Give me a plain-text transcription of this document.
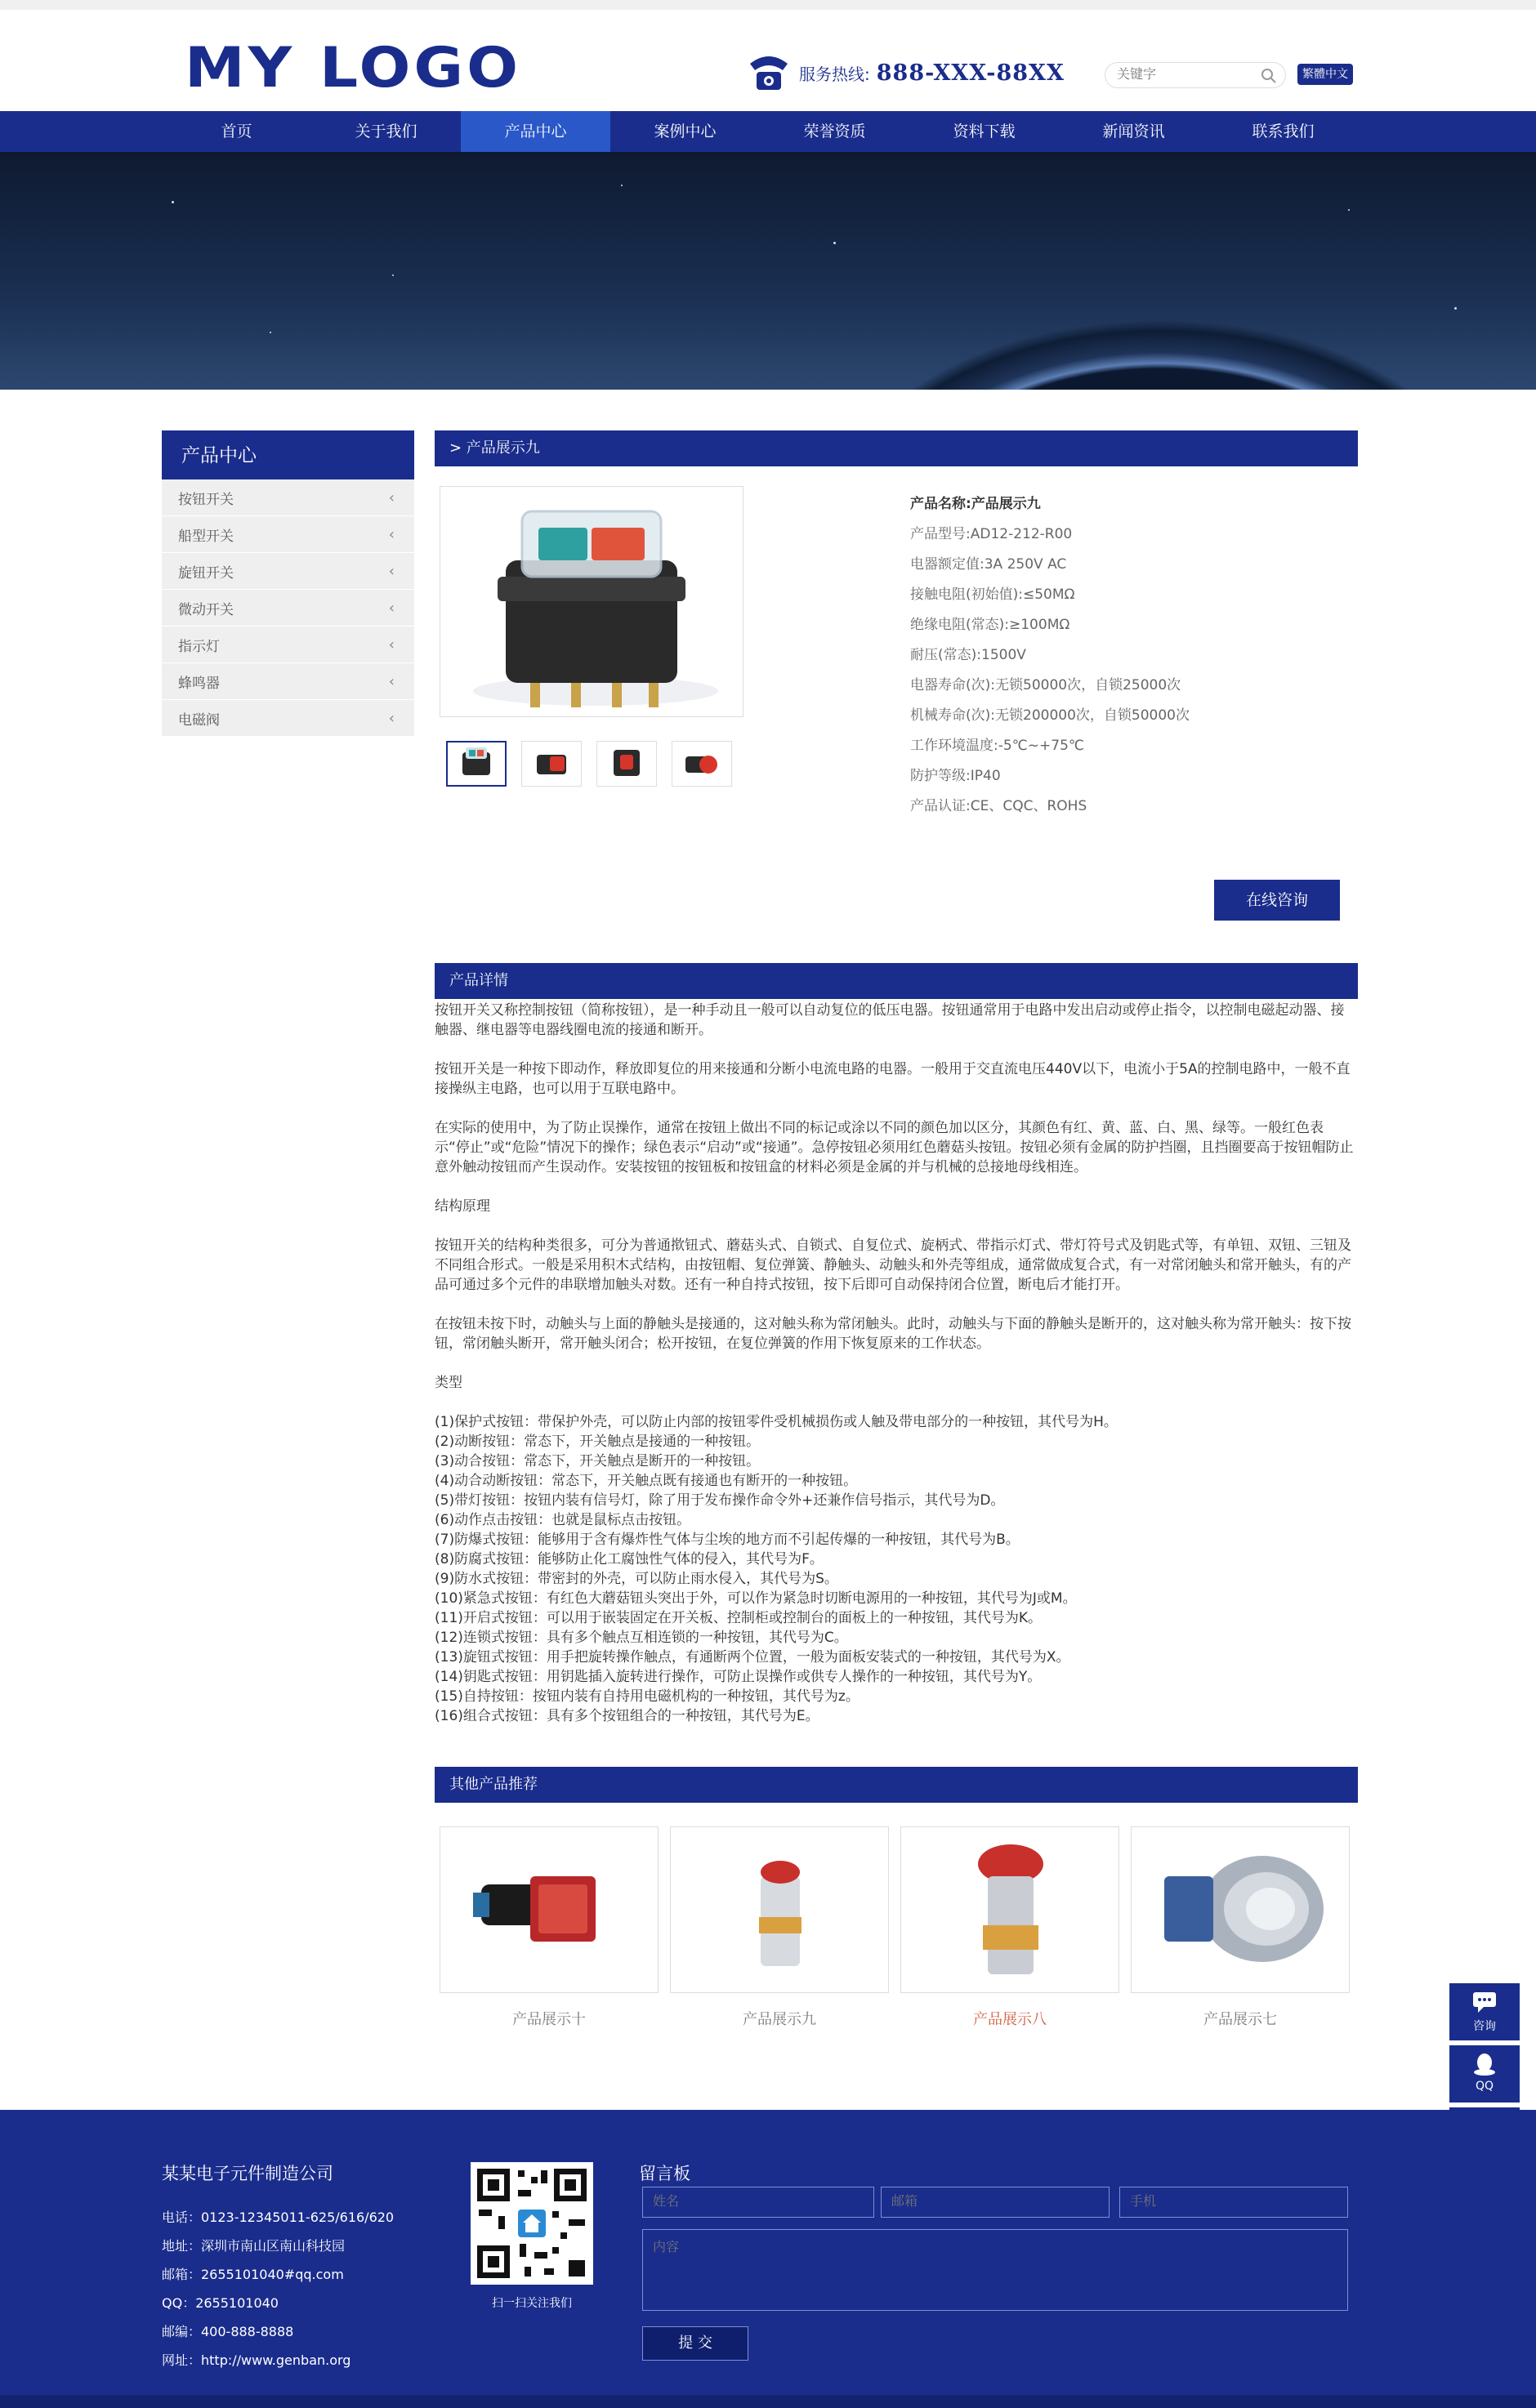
MY LOGO	服务热线: 888-XXX-88XX
关键字	繁體中文
首页	关于我们	产品中心	案例中心	荣誉资质	资料下载	新闻资讯	联系我们
产品中心
按钮开关	‹
船型开关	‹
旋钮开关	‹
微动开关	‹
指示灯	‹
蜂鸣器	‹
电磁阀	‹
> 产品展示九
产品名称:产品展示九
产品型号:AD12-212-R00
电器额定值:3A 250V AC
接触电阻(初始值):≤50MΩ
绝缘电阻(常态):≥100MΩ
耐压(常态):1500V
电器寿命(次):无锁50000次，自锁25000次
机械寿命(次):无锁200000次，自锁50000次
工作环境温度:-5℃~+75℃
防护等级:IP40
产品认证:CE、CQC、ROHS
在线咨询
产品详情

按钮开关又称控制按钮（简称按钮），是一种手动且一般可以自动复位的低压电器。按钮通常用于电路中发出启动或停止指令，以控制电磁起动器、接触器、继电器等电器线圈电流的接通和断开。

按钮开关是一种按下即动作，释放即复位的用来接通和分断小电流电路的电器。一般用于交直流电压440V以下，电流小于5A的控制电路中，一般不直接操纵主电路，也可以用于互联电路中。

在实际的使用中，为了防止误操作，通常在按钮上做出不同的标记或涂以不同的颜色加以区分，其颜色有红、黄、蓝、白、黑、绿等。一般红色表示“停止”或“危险”情况下的操作；绿色表示“启动”或“接通”。急停按钮必须用红色蘑菇头按钮。按钮必须有金属的防护挡圈，且挡圈要高于按钮帽防止意外触动按钮而产生误动作。安装按钮的按钮板和按钮盒的材料必须是金属的并与机械的总接地母线相连。

结构原理

按钮开关的结构种类很多，可分为普通揿钮式、蘑菇头式、自锁式、自复位式、旋柄式、带指示灯式、带灯符号式及钥匙式等，有单钮、双钮、三钮及不同组合形式。一般是采用积木式结构，由按钮帽、复位弹簧、静触头、动触头和外壳等组成，通常做成复合式，有一对常闭触头和常开触头，有的产品可通过多个元件的串联增加触头对数。还有一种自持式按钮，按下后即可自动保持闭合位置，断电后才能打开。

在按钮未按下时，动触头与上面的静触头是接通的，这对触头称为常闭触头。此时，动触头与下面的静触头是断开的，这对触头称为常开触头：按下按钮，常闭触头断开，常开触头闭合；松开按钮，在复位弹簧的作用下恢复原来的工作状态。

类型

(1)保护式按钮：带保护外壳，可以防止内部的按钮零件受机械损伤或人触及带电部分的一种按钮，其代号为H。
(2)动断按钮：常态下，开关触点是接通的一种按钮。
(3)动合按钮：常态下，开关触点是断开的一种按钮。
(4)动合动断按钮：常态下，开关触点既有接通也有断开的一种按钮。
(5)带灯按钮：按钮内装有信号灯，除了用于发布操作命令外+还兼作信号指示，其代号为D。
(6)动作点击按钮：也就是鼠标点击按钮。
(7)防爆式按钮：能够用于含有爆炸性气体与尘埃的地方而不引起传爆的一种按钮，其代号为B。
(8)防腐式按钮：能够防止化工腐蚀性气体的侵入，其代号为F。
(9)防水式按钮：带密封的外壳，可以防止雨水侵入，其代号为S。
(10)紧急式按钮：有红色大蘑菇钮头突出于外，可以作为紧急时切断电源用的一种按钮，其代号为J或M。
(11)开启式按钮：可以用于嵌装固定在开关板、控制柜或控制台的面板上的一种按钮，其代号为K。
(12)连锁式按钮：具有多个触点互相连锁的一种按钮，其代号为C。
(13)旋钮式按钮：用手把旋转操作触点，有通断两个位置，一般为面板安装式的一种按钮，其代号为X。
(14)钥匙式按钮：用钥匙插入旋转进行操作，可防止误操作或供专人操作的一种按钮，其代号为Y。
(15)自持按钮：按钮内装有自持用电磁机构的一种按钮，其代号为z。
(16)组合式按钮：具有多个按钮组合的一种按钮，其代号为E。
其他产品推荐
产品展示十	产品展示九	产品展示八	产品展示七	咨询
QQ
某某电子元件制造公司
电话：0123-12345011-625/616/620
地址：深圳市南山区南山科技园
邮箱：2655101040#qq.com
QQ：2655101040
邮编：400-888-8888
网址：http://www.genban.org
扫一扫关注我们
留言板
姓名
邮箱
手机
内容
提 交
